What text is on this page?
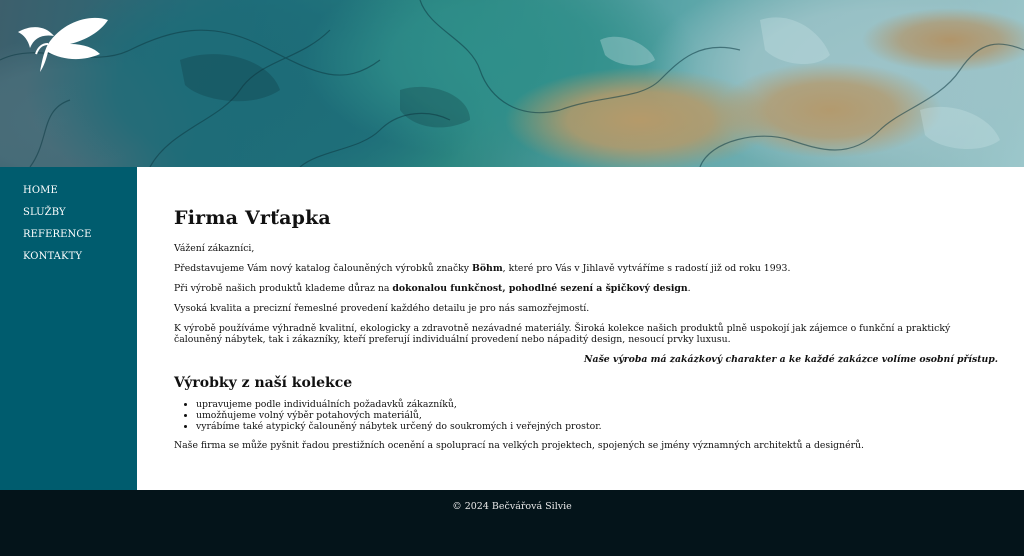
HOME
SLUŽBY
REFERENCE
KONTAKTY
Firma Vrťapka

Vážení zákazníci,

Představujeme Vám nový katalog čalouněných výrobků značky Böhm, které pro Vás v Jihlavě vytváříme s radostí již od roku 1993.

Při výrobě našich produktů klademe důraz na dokonalou funkčnost, pohodlné sezení a špičkový design.

Vysoká kvalita a precizní řemeslné provedení každého detailu je pro nás samozřejmostí.

K výrobě používáme výhradně kvalitní, ekologicky a zdravotně nezávadné materiály. Široká kolekce našich produktů plně uspokojí jak zájemce o funkční a praktický čalouněný nábytek, tak i zákazníky, kteří preferují individuální provedení nebo nápaditý design, nesoucí prvky luxusu.

Naše výroba má zakázkový charakter a ke každé zakázce volíme osobní přístup.

Výrobky z naší kolekce
• upravujeme podle individuálních požadavků zákazníků,
• umožňujeme volný výběr potahových materiálů,
• vyrábíme také atypický čalouněný nábytek určený do soukromých i veřejných prostor.

Naše firma se může pyšnit řadou prestižních ocenění a spoluprací na velkých projektech, spojených se jmény významných architektů a designérů.

© 2024 Bečvářová Silvie
